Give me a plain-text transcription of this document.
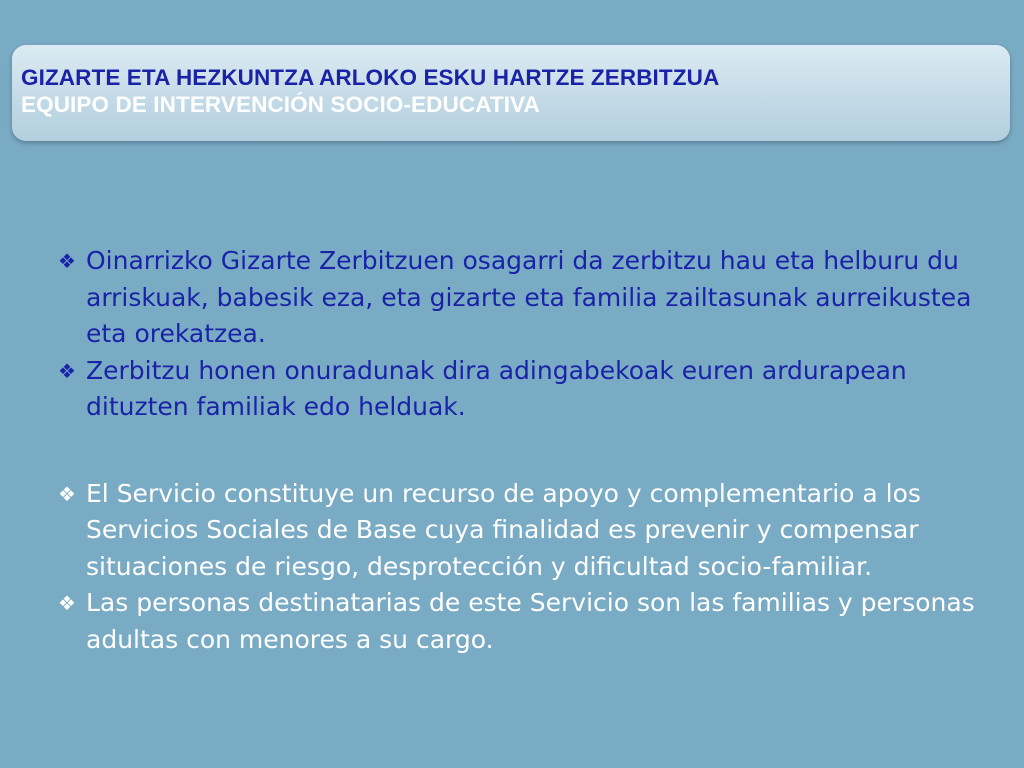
GIZARTE ETA HEZKUNTZA ARLOKO ESKU HARTZE ZERBITZUA
EQUIPO DE INTERVENCIÓN SOCIO-EDUCATIVA
❖ Oinarrizko Gizarte Zerbitzuen osagarri da zerbitzu hau eta helburu du arriskuak, babesik eza, eta gizarte eta familia zailtasunak aurreikustea eta orekatzea.
❖ Zerbitzu honen onuradunak dira adingabekoak euren ardurapean dituzten familiak edo helduak.
❖ El Servicio constituye un recurso de apoyo y complementario a los Servicios Sociales de Base cuya finalidad es prevenir y compensar situaciones de riesgo, desprotección y dificultad socio-familiar.
❖ Las personas destinatarias de este Servicio son las familias y personas adultas con menores a su cargo.
